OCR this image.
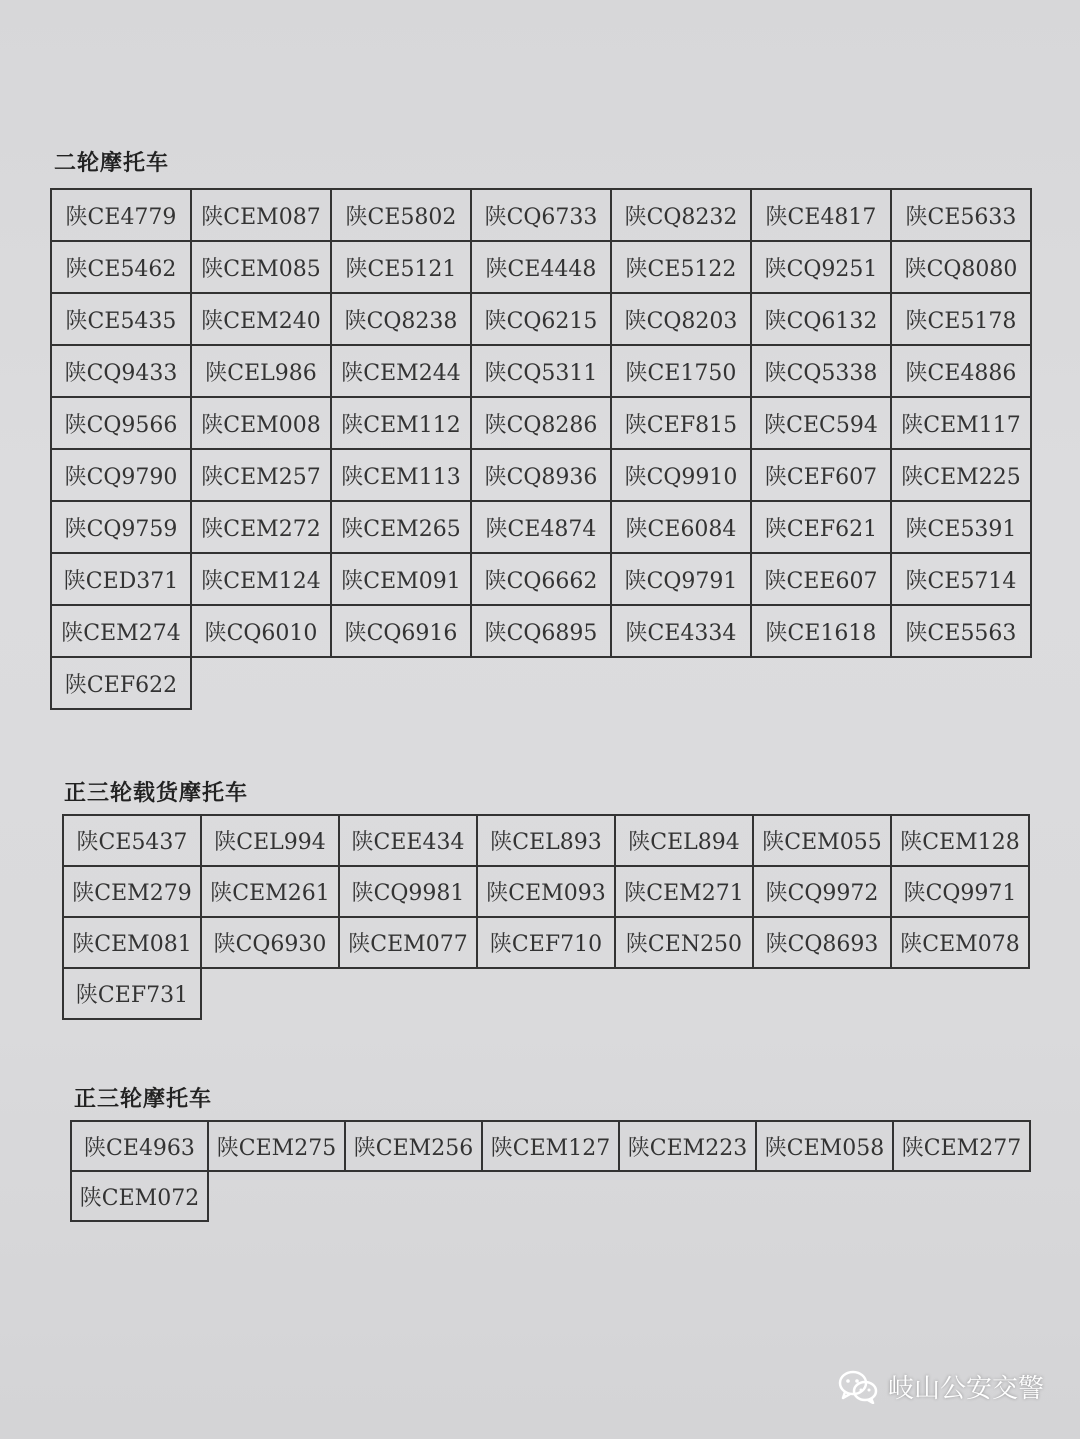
二轮摩托车
陕CE4779	陕CEM087	陕CE5802	陕CQ6733	陕CQ8232	陕CE4817	陕CE5633
陕CE5462	陕CEM085	陕CE5121	陕CE4448	陕CE5122	陕CQ9251	陕CQ8080
陕CE5435	陕CEM240	陕CQ8238	陕CQ6215	陕CQ8203	陕CQ6132	陕CE5178
陕CQ9433	陕CEL986	陕CEM244	陕CQ5311	陕CE1750	陕CQ5338	陕CE4886
陕CQ9566	陕CEM008	陕CEM112	陕CQ8286	陕CEF815	陕CEC594	陕CEM117
陕CQ9790	陕CEM257	陕CEM113	陕CQ8936	陕CQ9910	陕CEF607	陕CEM225
陕CQ9759	陕CEM272	陕CEM265	陕CE4874	陕CE6084	陕CEF621	陕CE5391
陕CED371	陕CEM124	陕CEM091	陕CQ6662	陕CQ9791	陕CEE607	陕CE5714
陕CEM274	陕CQ6010	陕CQ6916	陕CQ6895	陕CE4334	陕CE1618	陕CE5563
陕CEF622						
正三轮载货摩托车
陕CE5437	陕CEL994	陕CEE434	陕CEL893	陕CEL894	陕CEM055	陕CEM128
陕CEM279	陕CEM261	陕CQ9981	陕CEM093	陕CEM271	陕CQ9972	陕CQ9971
陕CEM081	陕CQ6930	陕CEM077	陕CEF710	陕CEN250	陕CQ8693	陕CEM078
陕CEF731						
正三轮摩托车
陕CE4963	陕CEM275	陕CEM256	陕CEM127	陕CEM223	陕CEM058	陕CEM277
陕CEM072						
岐山公安交警
